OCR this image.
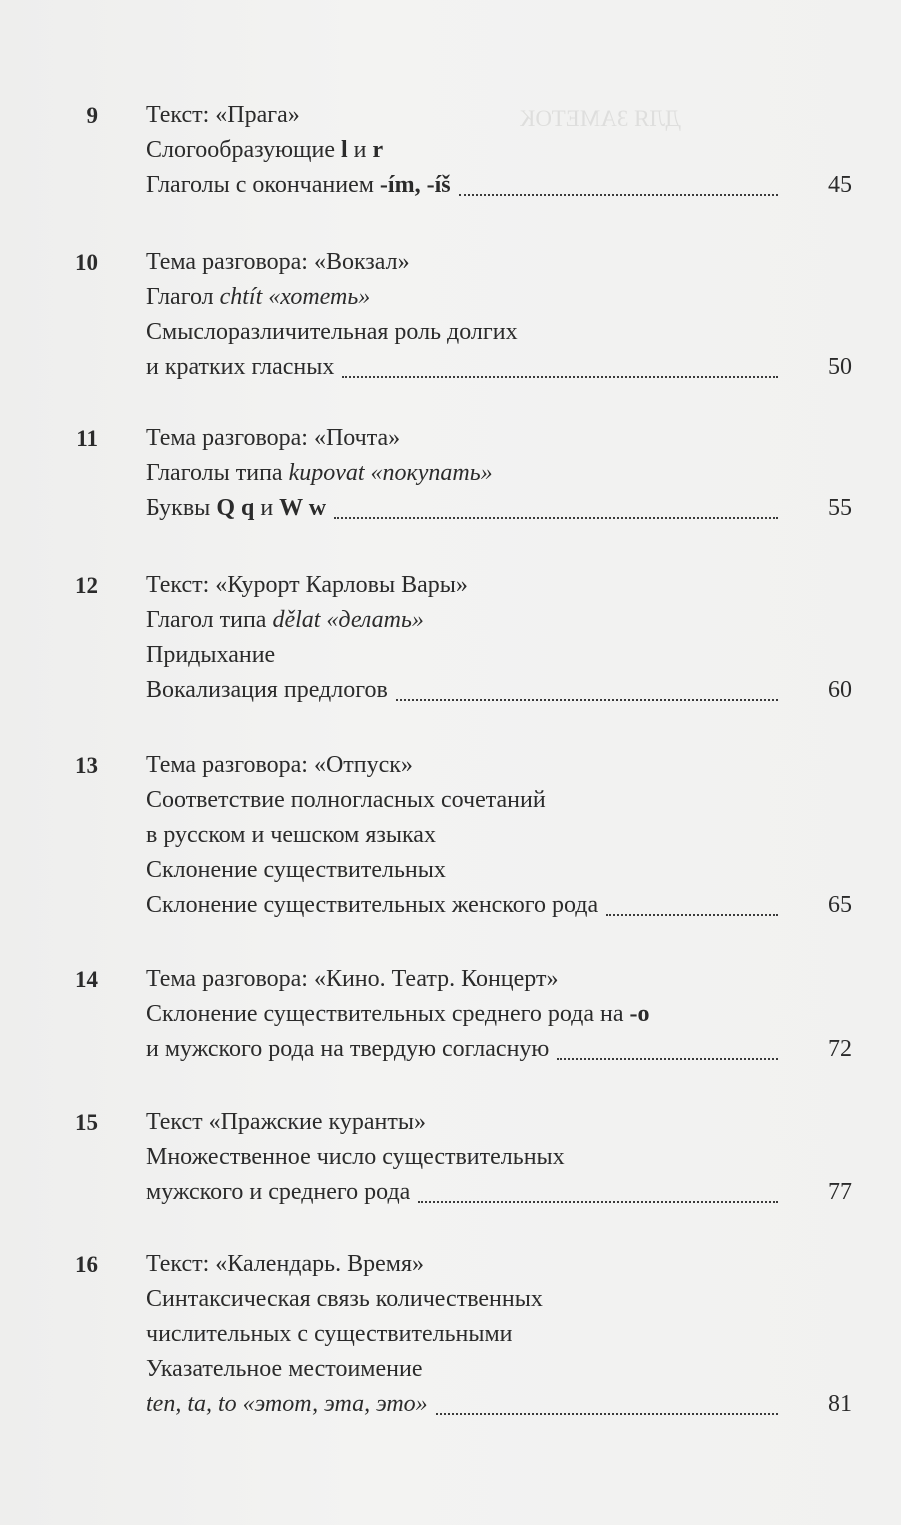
ДЛЯ ЗАМЕТОК
9 Текст: «Прага»
Слогообразующие l и r
Глаголы с окончанием -ím, -íš	45
10 Тема разговора: «Вокзал»
Глагол chtít «хотеть»
Смыслоразличительная роль долгих
и кратких гласных	50
11 Тема разговора: «Почта»
Глаголы типа kupovat «покупать»
Буквы Q q и W w	55
12 Текст: «Курорт Карловы Вары»
Глагол типа dělat «делать»
Придыхание
Вокализация предлогов	60
13 Тема разговора: «Отпуск»
Соответствие полногласных сочетаний
в русском и чешском языках
Склонение существительных
Склонение существительных женского рода	65
14 Тема разговора: «Кино. Театр. Концерт»
Склонение существительных среднего рода на -o
и мужского рода на твердую согласную	72
15 Текст «Пражские куранты»
Множественное число существительных
мужского и среднего рода	77
16 Текст: «Календарь. Время»
Синтаксическая связь количественных
числительных с существительными
Указательное местоимение
ten, ta, to «этот, эта, это»	81
